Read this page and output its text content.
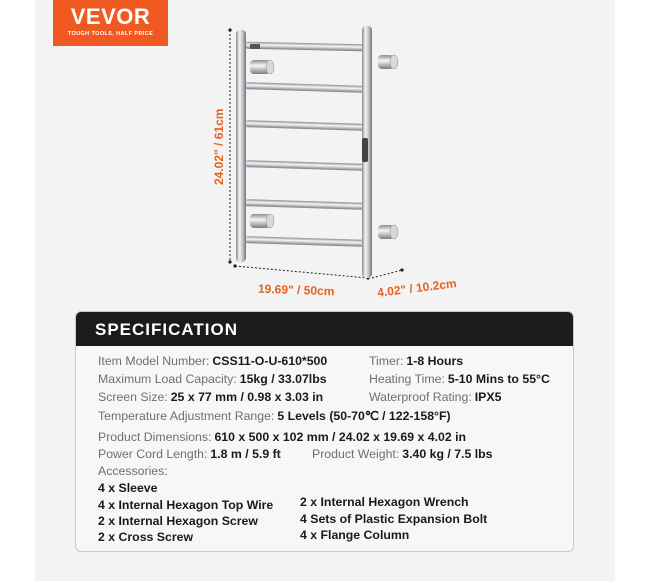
VEVOR
TOUGH TOOLS, HALF PRICE
24.02" / 61cm
19.69" / 50cm	4.02" / 10.2cm
SPECIFICATION
Item Model Number: CSS11-O-U-610*500	Timer: 1-8 Hours
Maximum Load Capacity: 15kg / 33.07lbs	Heating Time: 5-10 Mins to 55°C
Screen Size: 25 x 77 mm / 0.98 x 3.03 in	Waterproof Rating: IPX5
Temperature Adjustment Range: 5 Levels (50-70℃ / 122-158°F)
Product Dimensions: 610 x 500 x 102 mm / 24.02 x 19.69 x 4.02 in
Power Cord Length: 1.8 m / 5.9 ft	Product Weight: 3.40 kg / 7.5 lbs
Accessories:
4 x Sleeve
4 x Internal Hexagon Top Wire
2 x Internal Hexagon Screw
2 x Cross Screw
2 x Internal Hexagon Wrench
4 Sets of Plastic Expansion Bolt
4 x Flange Column
